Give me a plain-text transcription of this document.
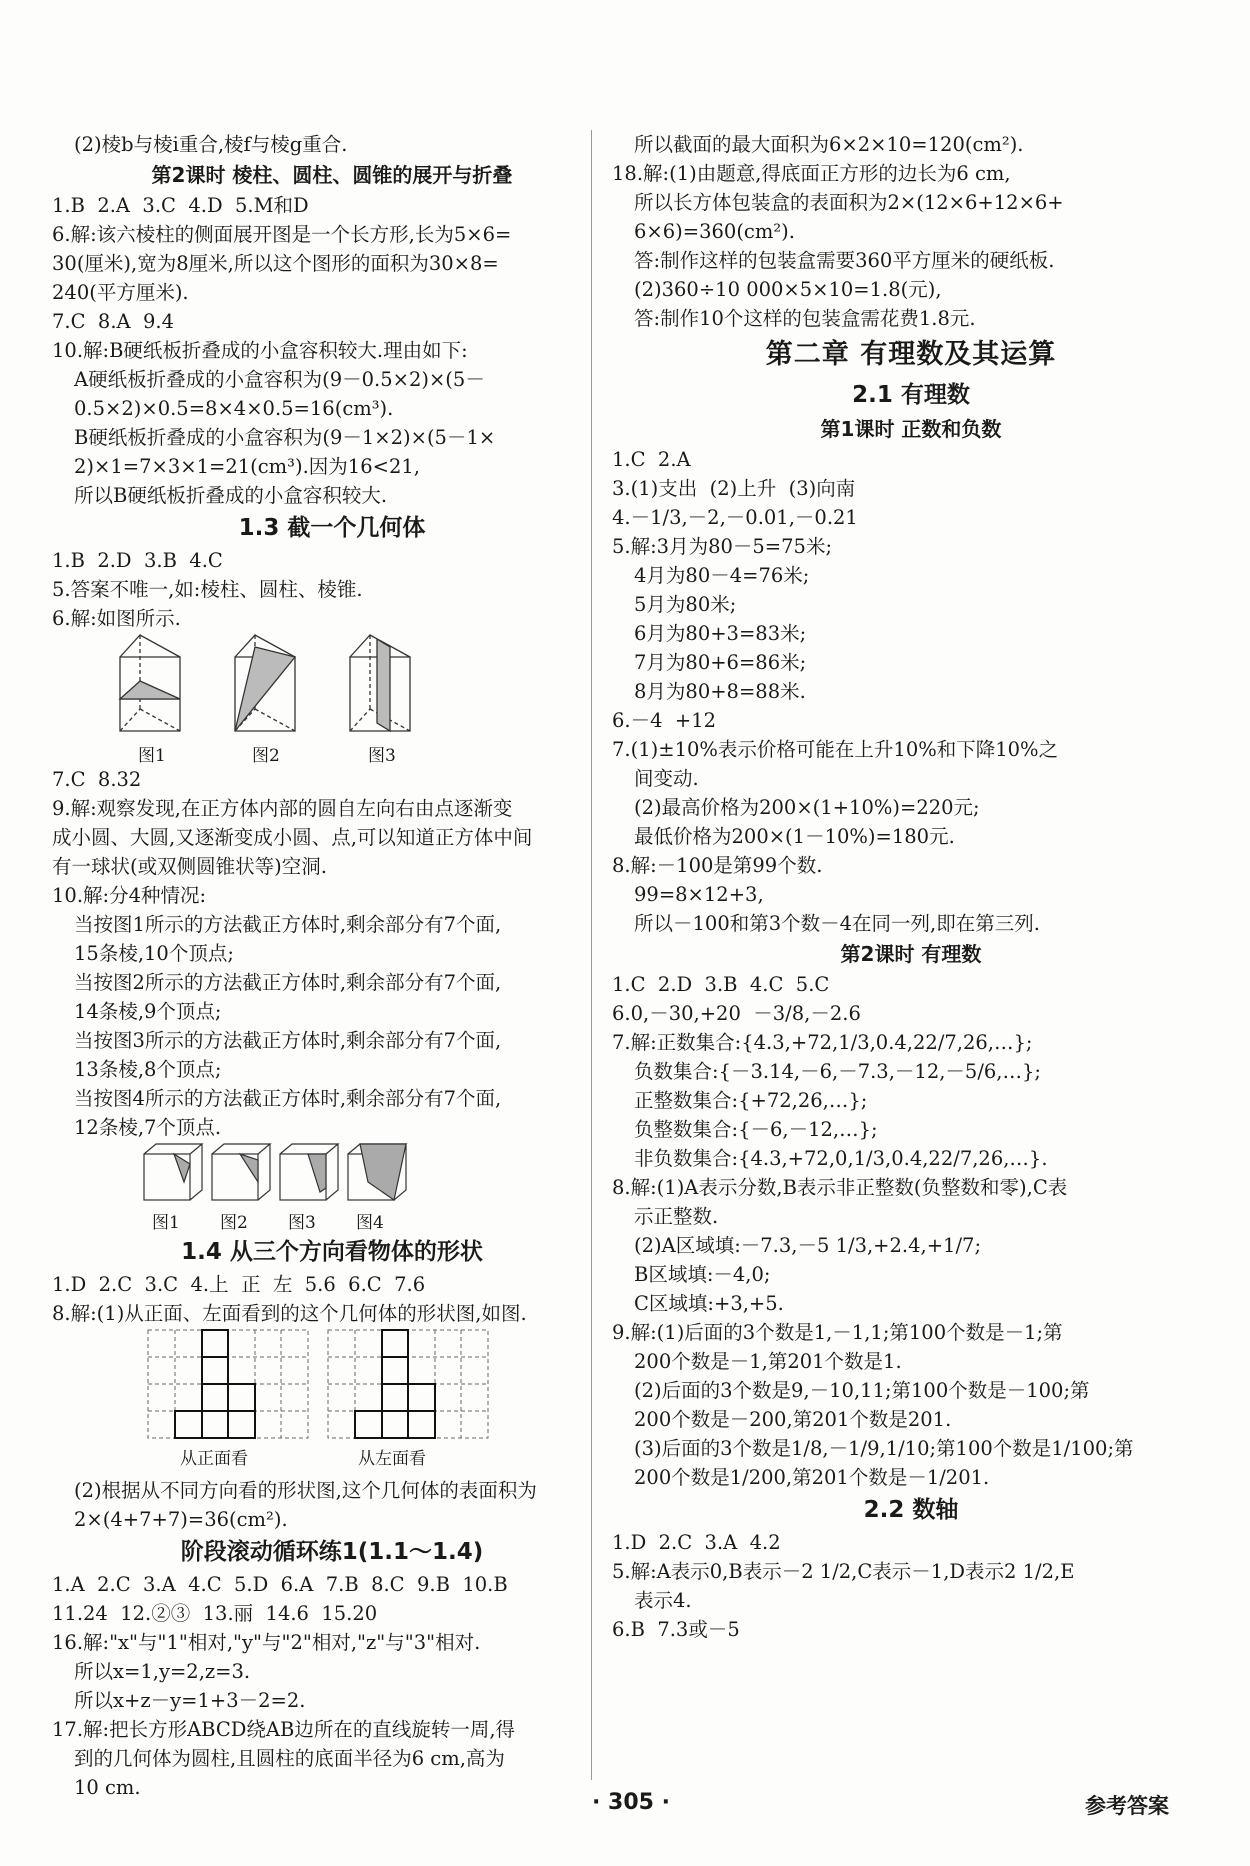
(2)棱b与棱i重合,棱f与棱g重合.
第2课时 棱柱、圆柱、圆锥的展开与折叠
1.B  2.A  3.C  4.D  5.M和D
6.解:该六棱柱的侧面展开图是一个长方形,长为5×6=
30(厘米),宽为8厘米,所以这个图形的面积为30×8=
240(平方厘米).
7.C  8.A  9.4
10.解:B硬纸板折叠成的小盒容积较大.理由如下:
A硬纸板折叠成的小盒容积为(9－0.5×2)×(5－
0.5×2)×0.5=8×4×0.5=16(cm³).
B硬纸板折叠成的小盒容积为(9－1×2)×(5－1×
2)×1=7×3×1=21(cm³).因为16<21,
所以B硬纸板折叠成的小盒容积较大.
1.3 截一个几何体
1.B  2.D  3.B  4.C
5.答案不唯一,如:棱柱、圆柱、棱锥.
6.解:如图所示.
图1	图2	图3
7.C  8.32
9.解:观察发现,在正方体内部的圆自左向右由点逐渐变
成小圆、大圆,又逐渐变成小圆、点,可以知道正方体中间
有一球状(或双侧圆锥状等)空洞.
10.解:分4种情况:
当按图1所示的方法截正方体时,剩余部分有7个面,
15条棱,10个顶点;
当按图2所示的方法截正方体时,剩余部分有7个面,
14条棱,9个顶点;
当按图3所示的方法截正方体时,剩余部分有7个面,
13条棱,8个顶点;
当按图4所示的方法截正方体时,剩余部分有7个面,
12条棱,7个顶点.
图1 图2 图3 图4
1.4 从三个方向看物体的形状
1.D  2.C  3.C  4.上  正  左  5.6  6.C  7.6
8.解:(1)从正面、左面看到的这个几何体的形状图,如图.
从正面看	从左面看
(2)根据从不同方向看的形状图,这个几何体的表面积为
2×(4+7+7)=36(cm²).
阶段滚动循环练1(1.1～1.4)
1.A  2.C  3.A  4.C  5.D  6.A  7.B  8.C  9.B  10.B
11.24  12.②③  13.丽  14.6  15.20
16.解:"x"与"1"相对,"y"与"2"相对,"z"与"3"相对.
所以x=1,y=2,z=3.
所以x+z－y=1+3－2=2.
17.解:把长方形ABCD绕AB边所在的直线旋转一周,得
到的几何体为圆柱,且圆柱的底面半径为6 cm,高为
10 cm.
所以截面的最大面积为6×2×10=120(cm²).
18.解:(1)由题意,得底面正方形的边长为6 cm,
所以长方体包装盒的表面积为2×(12×6+12×6+
6×6)=360(cm²).
答:制作这样的包装盒需要360平方厘米的硬纸板.
(2)360÷10 000×5×10=1.8(元),
答:制作10个这样的包装盒需花费1.8元.
第二章 有理数及其运算
2.1 有理数
第1课时 正数和负数
1.C  2.A
3.(1)支出  (2)上升  (3)向南
4.－1/3,－2,－0.01,－0.21
5.解:3月为80－5=75米;
4月为80－4=76米;
5月为80米;
6月为80+3=83米;
7月为80+6=86米;
8月为80+8=88米.
6.－4  +12
7.(1)±10%表示价格可能在上升10%和下降10%之
间变动.
(2)最高价格为200×(1+10%)=220元;
最低价格为200×(1－10%)=180元.
8.解:－100是第99个数.
99=8×12+3,
所以－100和第3个数－4在同一列,即在第三列.
第2课时 有理数
1.C  2.D  3.B  4.C  5.C
6.0,－30,+20  －3/8,－2.6
7.解:正数集合:{4.3,+72,1/3,0.4,22/7,26,…};
负数集合:{－3.14,－6,－7.3,－12,－5/6,…};
正整数集合:{+72,26,…};
负整数集合:{－6,－12,…};
非负数集合:{4.3,+72,0,1/3,0.4,22/7,26,…}.
8.解:(1)A表示分数,B表示非正整数(负整数和零),C表
示正整数.
(2)A区域填:－7.3,－5 1/3,+2.4,+1/7;
B区域填:－4,0;
C区域填:+3,+5.
9.解:(1)后面的3个数是1,－1,1;第100个数是－1;第
200个数是－1,第201个数是1.
(2)后面的3个数是9,－10,11;第100个数是－100;第
200个数是－200,第201个数是201.
(3)后面的3个数是1/8,－1/9,1/10;第100个数是1/100;第
200个数是1/200,第201个数是－1/201.
2.2 数轴
1.D  2.C  3.A  4.2
5.解:A表示0,B表示－2 1/2,C表示－1,D表示2 1/2,E
表示4.
6.B  7.3或－5
· 305 ·	参考答案
